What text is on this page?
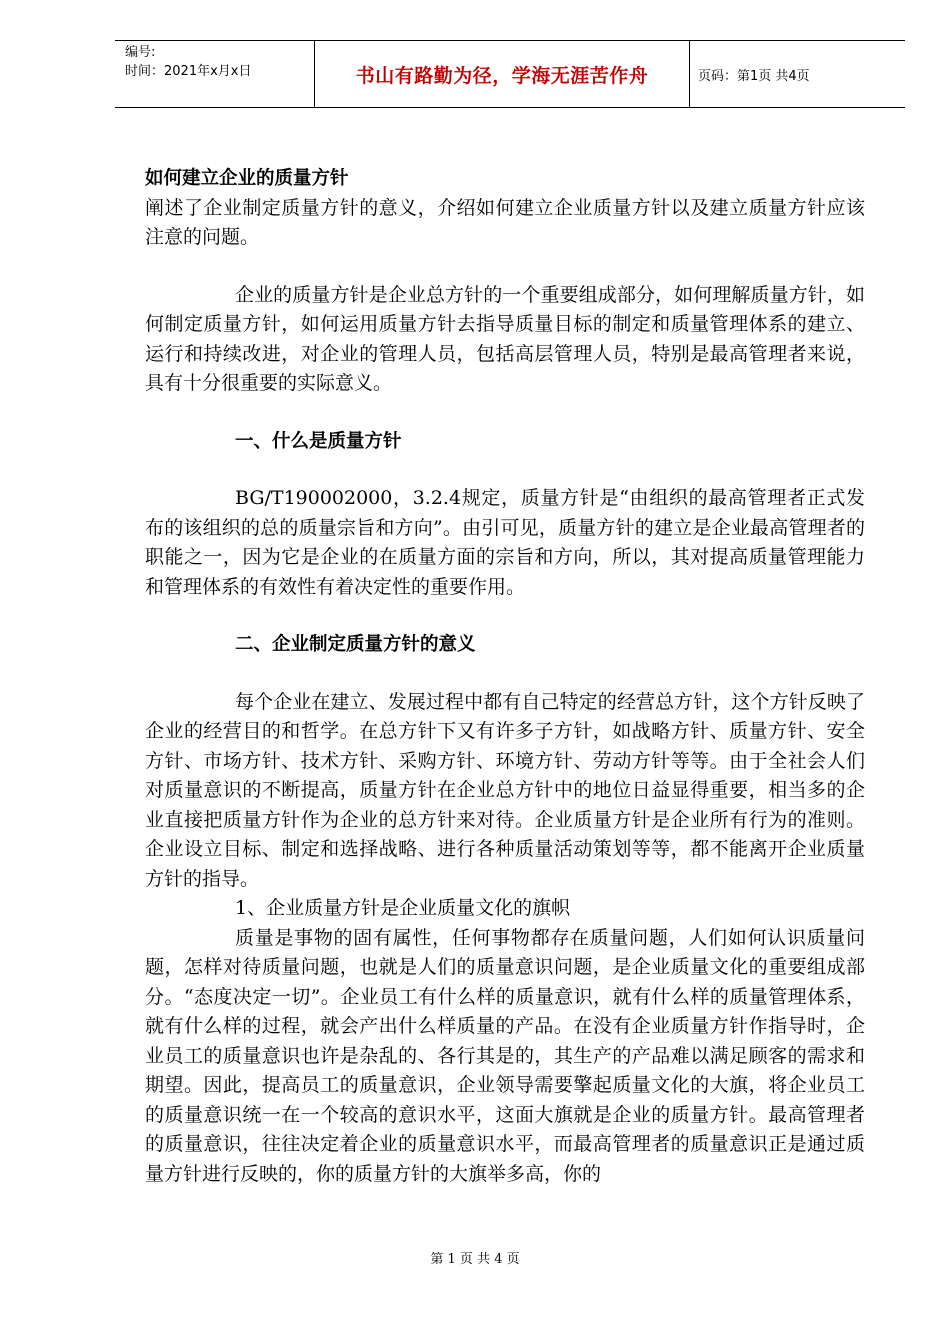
编号:
时间：2021年x月x日	书山有路勤为径，学海无涯苦作舟	页码：第1页 共4页

如何建立企业的质量方针

阐述了企业制定质量方针的意义，介绍如何建立企业质量方针以及建立质量方针应该注意的问题。

企业的质量方针是企业总方针的一个重要组成部分，如何理解质量方针，如何制定质量方针，如何运用质量方针去指导质量目标的制定和质量管理体系的建立、运行和持续改进，对企业的管理人员，包括高层管理人员，特别是最高管理者来说，具有十分很重要的实际意义。

一、什么是质量方针

BG/T190002000，3.2.4规定，质量方针是“由组织的最高管理者正式发布的该组织的总的质量宗旨和方向”。由引可见，质量方针的建立是企业最高管理者的职能之一，因为它是企业的在质量方面的宗旨和方向，所以，其对提高质量管理能力和管理体系的有效性有着决定性的重要作用。

二、企业制定质量方针的意义

每个企业在建立、发展过程中都有自己特定的经营总方针，这个方针反映了企业的经营目的和哲学。在总方针下又有许多子方针，如战略方针、质量方针、安全方针、市场方针、技术方针、采购方针、环境方针、劳动方针等等。由于全社会人们对质量意识的不断提高，质量方针在企业总方针中的地位日益显得重要，相当多的企业直接把质量方针作为企业的总方针来对待。企业质量方针是企业所有行为的准则。企业设立目标、制定和选择战略、进行各种质量活动策划等等，都不能离开企业质量方针的指导。

1、企业质量方针是企业质量文化的旗帜

质量是事物的固有属性，任何事物都存在质量问题，人们如何认识质量问题，怎样对待质量问题，也就是人们的质量意识问题，是企业质量文化的重要组成部分。“态度决定一切”。企业员工有什么样的质量意识，就有什么样的质量管理体系，就有什么样的过程，就会产出什么样质量的产品。在没有企业质量方针作指导时，企业员工的质量意识也许是杂乱的、各行其是的，其生产的产品难以满足顾客的需求和期望。因此，提高员工的质量意识，企业领导需要擎起质量文化的大旗，将企业员工的质量意识统一在一个较高的意识水平，这面大旗就是企业的质量方针。最高管理者的质量意识，往往决定着企业的质量意识水平，而最高管理者的质量意识正是通过质量方针进行反映的，你的质量方针的大旗举多高，你的

第 1 页 共 4 页
